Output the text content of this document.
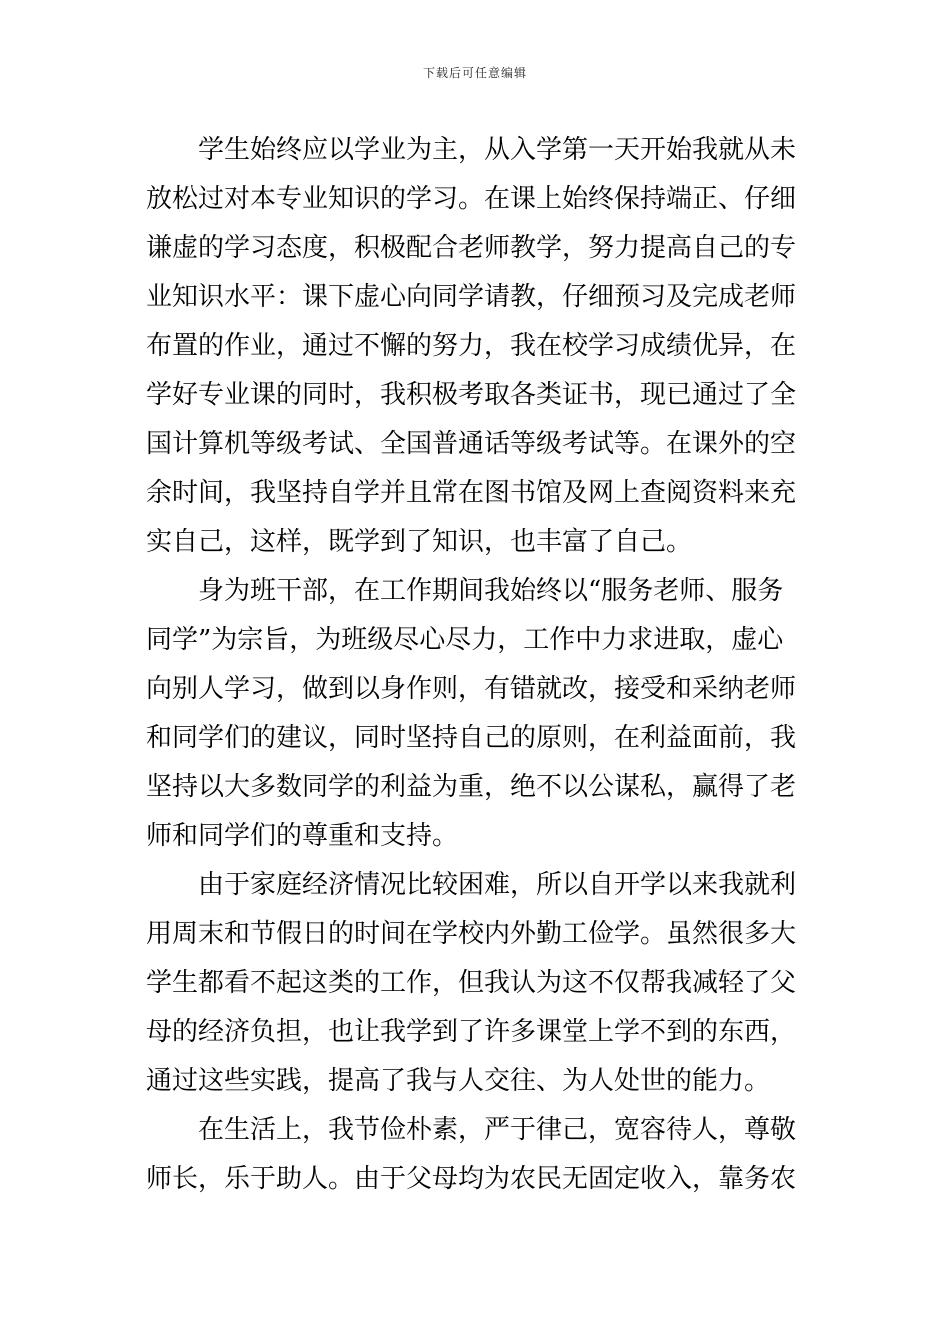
下载后可任意编辑

学生始终应以学业为主，从入学第一天开始我就从未
放松过对本专业知识的学习。在课上始终保持端正、仔细
谦虚的学习态度，积极配合老师教学，努力提高自己的专
业知识水平：课下虚心向同学请教，仔细预习及完成老师
布置的作业，通过不懈的努力，我在校学习成绩优异，在
学好专业课的同时，我积极考取各类证书，现已通过了全
国计算机等级考试、全国普通话等级考试等。在课外的空
余时间，我坚持自学并且常在图书馆及网上查阅资料来充
实自己，这样，既学到了知识，也丰富了自己。

身为班干部，在工作期间我始终以“服务老师、服务
同学”为宗旨，为班级尽心尽力，工作中力求进取，虚心
向别人学习，做到以身作则，有错就改，接受和采纳老师
和同学们的建议，同时坚持自己的原则，在利益面前，我
坚持以大多数同学的利益为重，绝不以公谋私，赢得了老
师和同学们的尊重和支持。

由于家庭经济情况比较困难，所以自开学以来我就利
用周末和节假日的时间在学校内外勤工俭学。虽然很多大
学生都看不起这类的工作，但我认为这不仅帮我减轻了父
母的经济负担，也让我学到了许多课堂上学不到的东西，
通过这些实践，提高了我与人交往、为人处世的能力。

在生活上，我节俭朴素，严于律己，宽容待人，尊敬
师长，乐于助人。由于父母均为农民无固定收入，靠务农
